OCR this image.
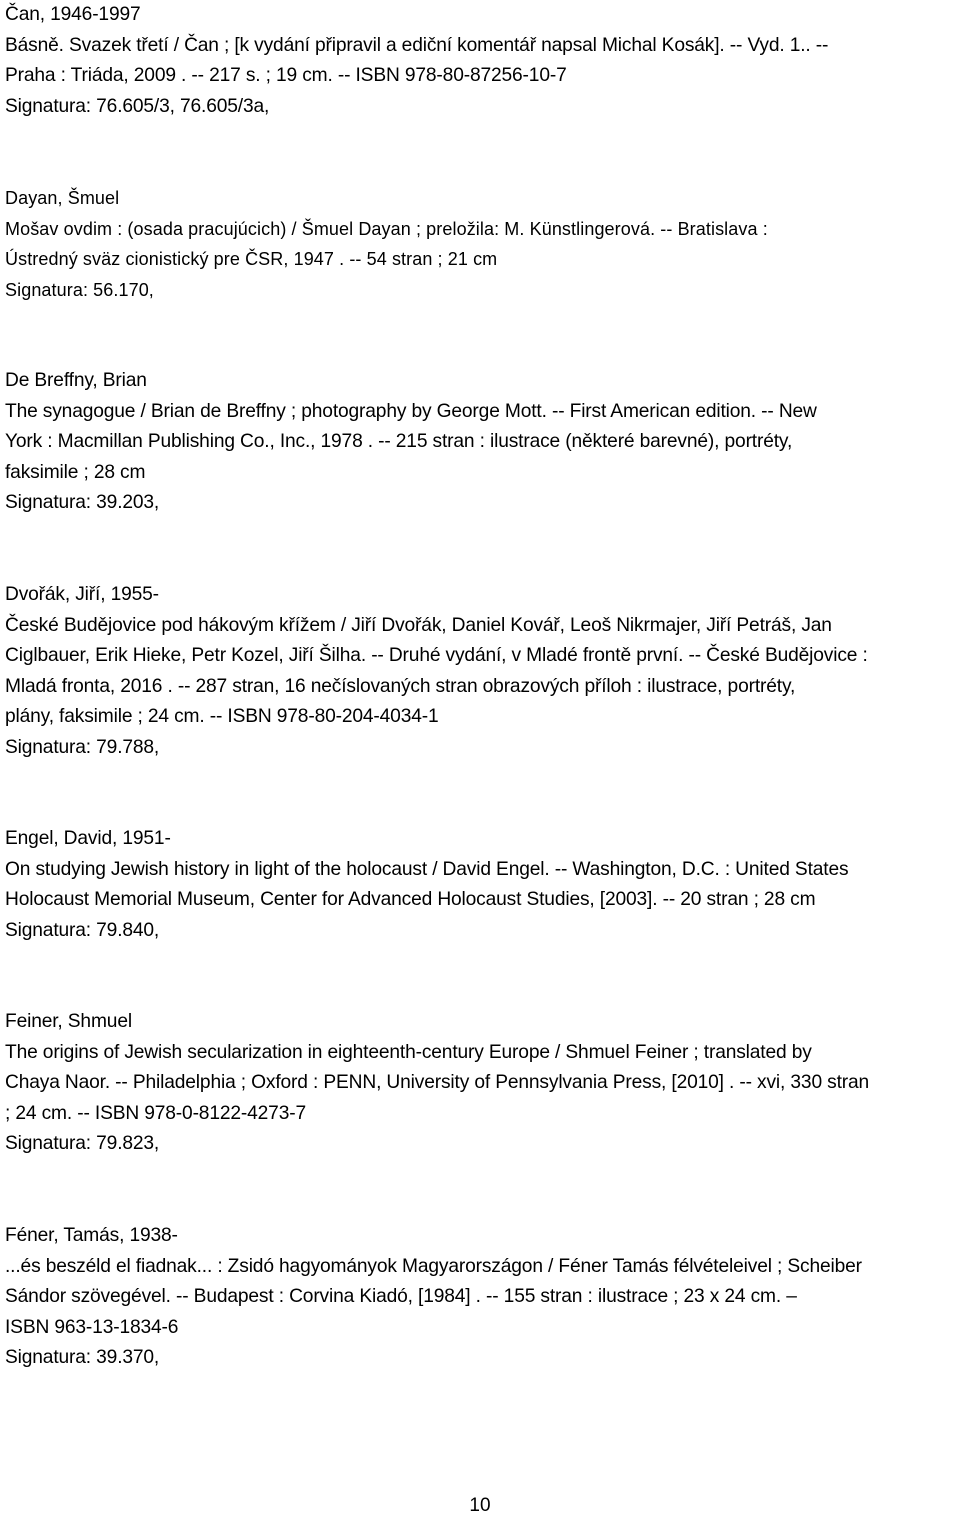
Čan, 1946-1997
Básně. Svazek třetí / Čan ; [k vydání připravil a ediční komentář napsal Michal Kosák]. -- Vyd. 1.. --
Praha : Triáda, 2009 . -- 217 s. ; 19 cm. -- ISBN 978-80-87256-10-7
Signatura: 76.605/3, 76.605/3a,
Dayan, Šmuel
Mošav ovdim : (osada pracujúcich) / Šmuel Dayan ; preložila: M. Künstlingerová. -- Bratislava :
Ústredný sväz cionistický pre ČSR, 1947 . -- 54 stran ; 21 cm
Signatura: 56.170,
De Breffny, Brian
The synagogue / Brian de Breffny ; photography by George Mott. -- First American edition. -- New
York : Macmillan Publishing Co., Inc., 1978 . -- 215 stran : ilustrace (některé barevné), portréty,
faksimile ; 28 cm
Signatura: 39.203,
Dvořák, Jiří, 1955-
České Budějovice pod hákovým křížem / Jiří Dvořák, Daniel Kovář, Leoš Nikrmajer, Jiří Petráš, Jan
Ciglbauer, Erik Hieke, Petr Kozel, Jiří Šilha. -- Druhé vydání, v Mladé frontě první. -- České Budějovice :
Mladá fronta, 2016 . -- 287 stran, 16 nečíslovaných stran obrazových příloh : ilustrace, portréty,
plány, faksimile ; 24 cm. -- ISBN 978-80-204-4034-1
Signatura: 79.788,
Engel, David, 1951-
On studying Jewish history in light of the holocaust / David Engel. -- Washington, D.C. : United States
Holocaust Memorial Museum, Center for Advanced Holocaust Studies, [2003]. -- 20 stran ; 28 cm
Signatura: 79.840,
Feiner, Shmuel
The origins of Jewish secularization in eighteenth-century Europe / Shmuel Feiner ; translated by
Chaya Naor. -- Philadelphia ; Oxford : PENN, University of Pennsylvania Press, [2010] . -- xvi, 330 stran
; 24 cm. -- ISBN 978-0-8122-4273-7
Signatura: 79.823,
Féner, Tamás, 1938-
...és beszéld el fiadnak... : Zsidó hagyományok Magyarországon / Féner Tamás félvételeivel ; Scheiber
Sándor szövegével. -- Budapest : Corvina Kiadó, [1984] . -- 155 stran : ilustrace ; 23 x 24 cm. –
ISBN 963-13-1834-6
Signatura: 39.370,
10
